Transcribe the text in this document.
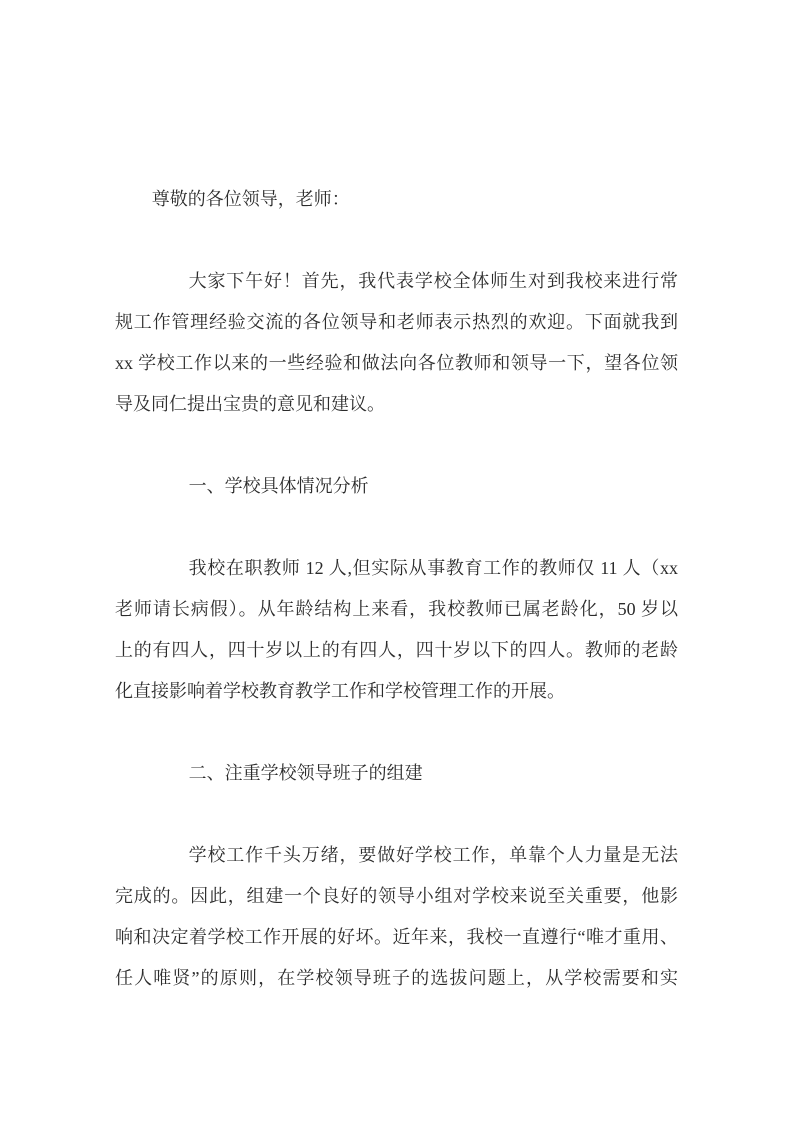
尊敬的各位领导，老师：
大家下午好！首先，我代表学校全体师生对到我校来进行常
规工作管理经验交流的各位领导和老师表示热烈的欢迎。下面就我到
xx 学校工作以来的一些经验和做法向各位教师和领导一下，望各位领
导及同仁提出宝贵的意见和建议。
一、学校具体情况分析
我校在职教师 12 人,但实际从事教育工作的教师仅 11 人（xx
老师请长病假）。从年龄结构上来看，我校教师已属老龄化，50 岁以
上的有四人，四十岁以上的有四人，四十岁以下的四人。教师的老龄
化直接影响着学校教育教学工作和学校管理工作的开展。
二、注重学校领导班子的组建
学校工作千头万绪，要做好学校工作，单靠个人力量是无法
完成的。因此，组建一个良好的领导小组对学校来说至关重要，他影
响和决定着学校工作开展的好坏。近年来，我校一直遵行“唯才重用、
任人唯贤”的原则，在学校领导班子的选拔问题上，从学校需要和实
